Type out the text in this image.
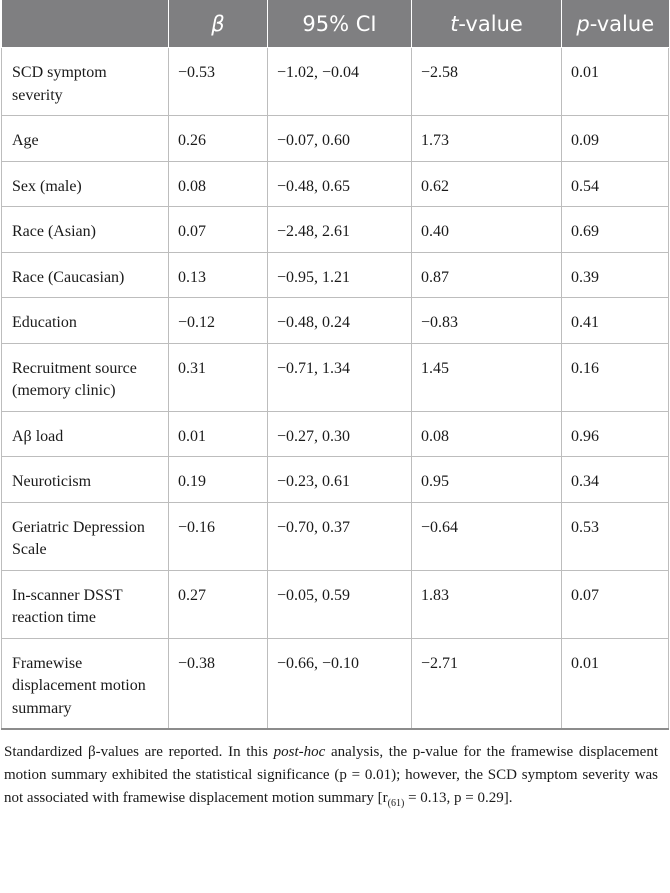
	β	95% CI	t-value	p-value
SCD symptom severity	−0.53	−1.02, −0.04	−2.58	0.01
Age	0.26	−0.07, 0.60	1.73	0.09
Sex (male)	0.08	−0.48, 0.65	0.62	0.54
Race (Asian)	0.07	−2.48, 2.61	0.40	0.69
Race (Caucasian)	0.13	−0.95, 1.21	0.87	0.39
Education	−0.12	−0.48, 0.24	−0.83	0.41
Recruitment source (memory clinic)	0.31	−0.71, 1.34	1.45	0.16
Aβ load	0.01	−0.27, 0.30	0.08	0.96
Neuroticism	0.19	−0.23, 0.61	0.95	0.34
Geriatric Depression Scale	−0.16	−0.70, 0.37	−0.64	0.53
In-scanner DSST reaction time	0.27	−0.05, 0.59	1.83	0.07
Framewise displacement motion summary	−0.38	−0.66, −0.10	−2.71	0.01
Standardized β-values are reported. In this post-hoc analysis, the p-value for the framewise displacement motion summary exhibited the statistical significance (p = 0.01); however, the SCD symptom severity was not associated with framewise displacement motion summary [$r_{(61)} = 0.13$, p = 0.29].
